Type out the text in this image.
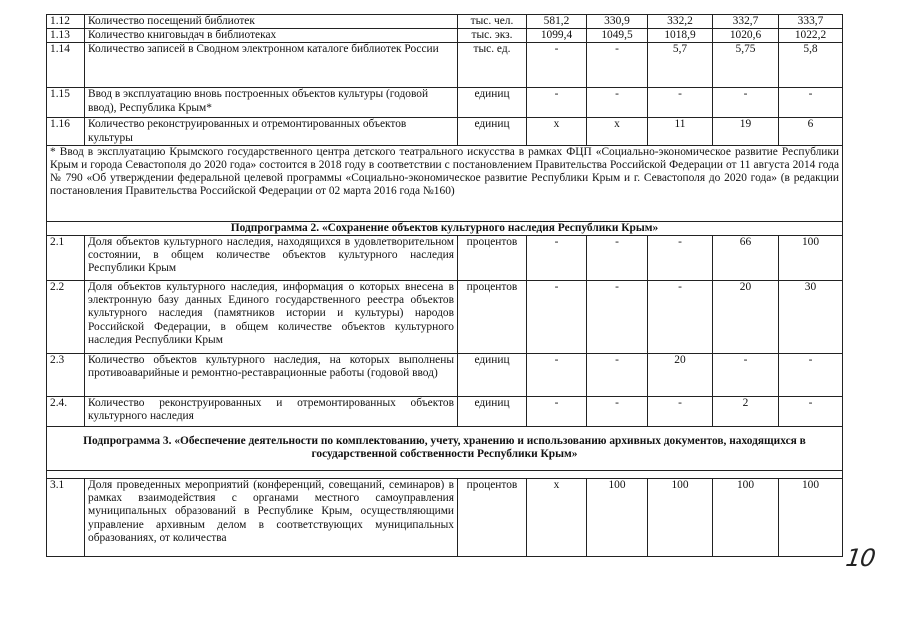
1.12	Количество посещений библиотек	тыс. чел.	581,2	330,9	332,2	332,7	333,7
1.13	Количество книговыдач в библиотеках	тыс. экз.	1099,4	1049,5	1018,9	1020,6	1022,2
1.14	Количество записей в Сводном электронном каталоге библиотек России	тыс. ед.	-	-	5,7	5,75	5,8
1.15	Ввод в эксплуатацию вновь построенных объектов культуры (годовой ввод), Республика Крым*	единиц	-	-	-	-	-
1.16	Количество реконструированных и отремонтированных объектов культуры	единиц	х	х	11	19	6
* Ввод в эксплуатацию Крымского государственного центра детского театрального искусства в рамках ФЦП «Социально-экономическое развитие Республики Крым и города Севастополя до 2020 года» состоится в 2018 году в соответствии с постановлением Правительства Российской Федерации от 11 августа 2014 года № 790 «Об утверждении федеральной целевой программы «Социально-экономическое развитие Республики Крым и г. Севастополя до 2020 года» (в редакции постановления Правительства Российской Федерации от 02 марта 2016 года №160)							
Подпрограмма 2. «Сохранение объектов культурного наследия Республики Крым»							
2.1	Доля объектов культурного наследия, находящихся в удовлетворительном состоянии, в общем количестве объектов культурного наследия Республики Крым	процентов	-	-	-	66	100
2.2	Доля объектов культурного наследия, информация о которых внесена в электронную базу данных Единого государственного реестра объектов культурного наследия (памятников истории и культуры) народов Российской Федерации, в общем количестве объектов культурного наследия Республики Крым	процентов	-	-	-	20	30
2.3	Количество объектов культурного наследия, на которых выполнены противоаварийные и ремонтно-реставрационные работы (годовой ввод)	единиц	-	-	20	-	-
2.4.	Количество реконструированных и отремонтированных объектов культурного наследия	единиц	-	-	-	2	-
Подпрограмма 3. «Обеспечение деятельности по комплектованию, учету, хранению и использованию архивных документов, находящихся в государственной собственности Республики Крым»							

3.1	Доля проведенных мероприятий (конференций, совещаний, семинаров) в рамках взаимодействия с органами местного самоуправления муниципальных образований в Республике Крым, осуществляющими управление архивным делом в соответствующих муниципальных образованиях, от количества	процентов	х	100	100	100	100
10
